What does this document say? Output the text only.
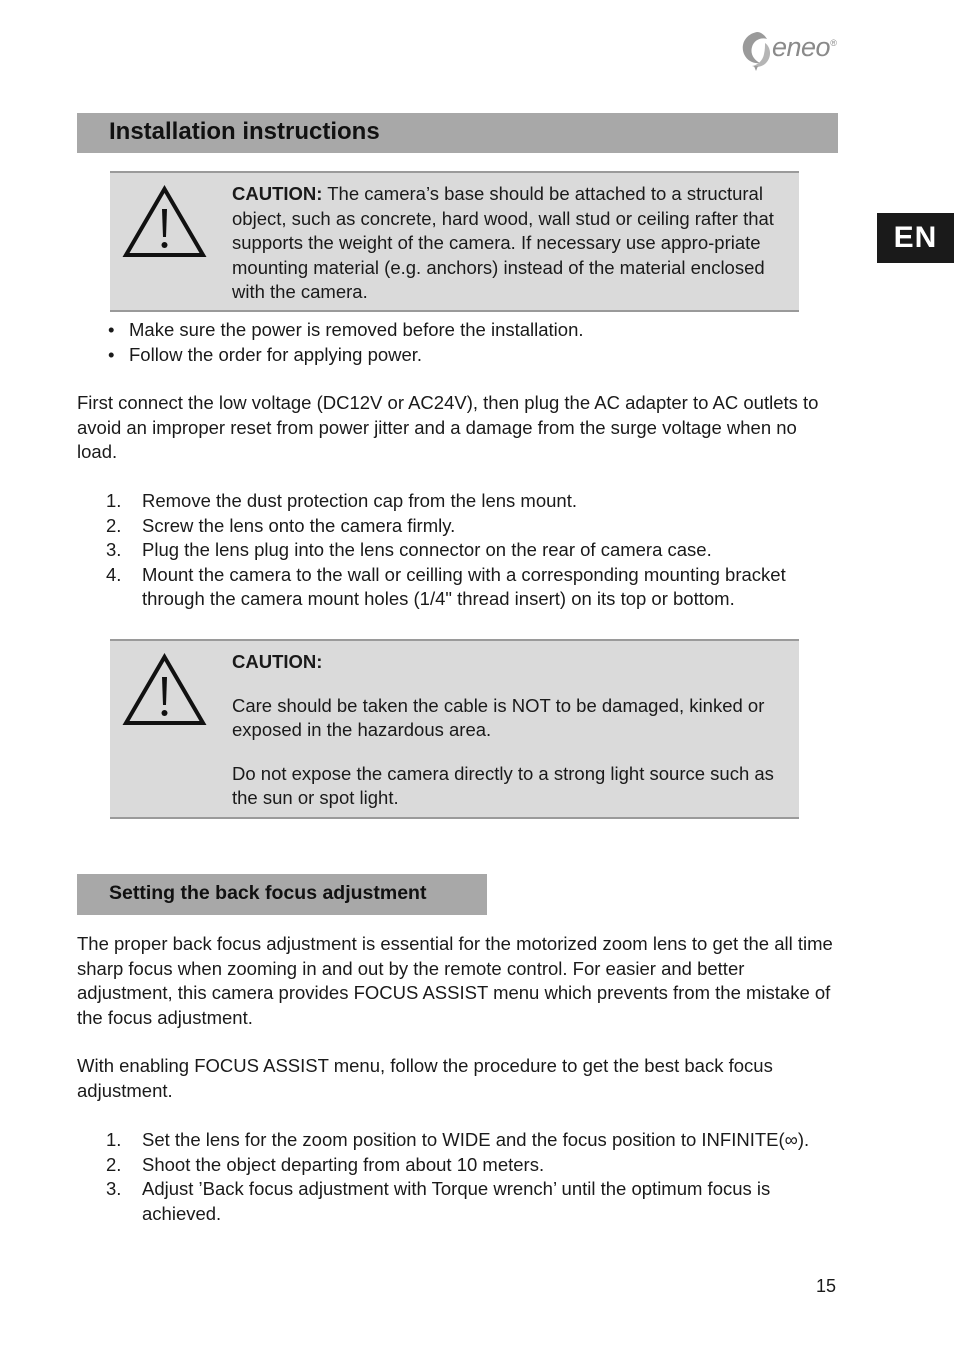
eneo®
EN
Installation instructions
CAUTION: The camera’s base should be attached to a structural object, such as concrete, hard wood, wall stud or ceiling rafter that supports the weight of the camera. If necessary use appro-priate mounting material (e.g. anchors) instead of the material enclosed with the camera.
• Make sure the power is removed before the installation.
• Follow the order for applying power.
First connect the low voltage (DC12V or AC24V), then plug the AC adapter to AC outlets to avoid an improper reset from power jitter and a damage from the surge voltage when no load.
1. Remove the dust protection cap from the lens mount.
2. Screw the lens onto the camera firmly.
3. Plug the lens plug into the lens connector on the rear of camera case.
4. Mount the camera to the wall or ceilling with a corresponding mounting bracket through the camera mount holes (1/4" thread insert) on its top or bottom.

CAUTION:

Care should be taken the cable is NOT to be damaged, kinked or exposed in the hazardous area.

Do not expose the camera directly to a strong light source such as the sun or spot light.

Setting the back focus adjustment
The proper back focus adjustment is essential for the motorized zoom lens to get the all time sharp focus when zooming in and out by the remote control. For easier and better adjustment, this camera provides FOCUS ASSIST menu which prevents from the mistake of the focus adjustment.
With enabling FOCUS ASSIST menu, follow the procedure to get the best back focus adjustment.
1. Set the lens for the zoom position to WIDE and the focus position to INFINITE(∞).
2. Shoot the object departing from about 10 meters.
3. Adjust ’Back focus adjustment with Torque wrench’ until the optimum focus is achieved.
15
